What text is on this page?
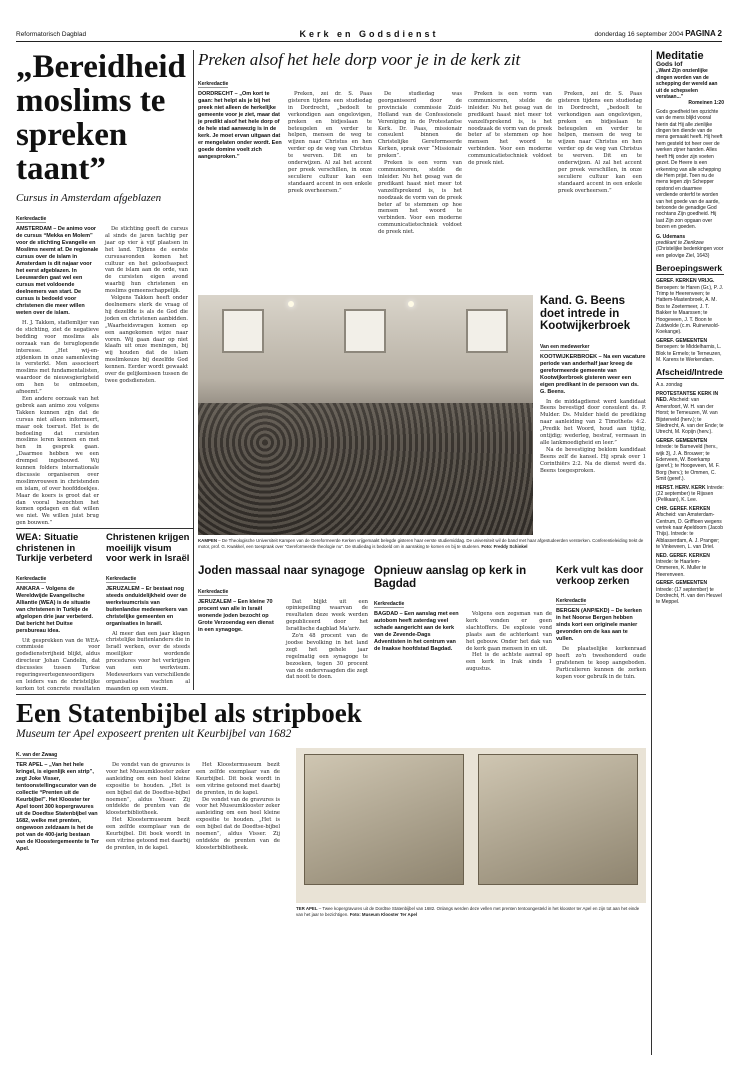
Reformatorisch Dagblad	Kerk en Godsdienst	donderdag 16 september 2004 PAGINA 2
„Bereidheid moslims te spreken taant”
Cursus in Amsterdam afgeblazen
Kerkredactie
AMSTERDAM – De animo voor de cursus “Mekka en Molem” voor de stichting Evangelie en Moslims neemt af. De regionale cursus over de islam in Amsterdam is dit najaar voor het eerst afgeblazen. In Leeuwarden gaat wel een cursus met voldoende deelnemers van start. De cursus is bedoeld voor christenen die meer willen weten over de islam.

H. J. Takken, staflemlijer van de stichting, ziet de negatieve bedding voor moslims als oorzaak van de teruglopende interesse. „Het wij-en-zijdenken in onze samenleving is versterkt. Men associeert moslims met fundamentalisten, waardoor de nieuwsgierigheid om hen te ontmoeten, afneemt.”

Een andere oorzaak van het gebrek aan animo zou volgens Takken kunnen zijn dat de cursus niet alleen informeert, maar ook toerust. Het is de bedoeling dat cursisten moslims leren kennen en met hen in gesprek gaan. „Daarmee hebben we een drempel ingebouwd. Wij kunnen folders internationale discussie organiseren over moslimvrouwen in christenden en islam, of over hoofddoekjes. Maar de koers is groot dat er dan vooral bezochten het komen opdagen en dat willen we niet. We willen juist brug gen bouwen.”

De stichting geeft de cursus al sinds de jaren tachtig per jaar op vier à vijf plaatsen in het land. Tijdens de eerste cursusavonden komen het cultuur en het geloofsaspect van de islam aan de orde, van de cursisten eigen avond waarbij hun christenen en moslims gemeenschappelijk.

Volgens Takken heeft onder deelnemers sterk de vraag of hij dezelfde is als de God die joden en christenen aanbidden. „Waarheidsvragen komen op een aangekomen wijze naar voren. Wij gaan daar op niet klaafn uit onze meningen, bij wij houden dat de islam moslimkeuze bij dezelfde God kennen. Eerder wordt gewaakt over de gelijkenissen tussen de twee godsdiensten.

Preken alsof het hele dorp voor je in de kerk zit
Kerkredactie
DORDRECHT – „Om kort te gaan: het helpt als je bij het preek niet alleen de herkelijke gemeente voor je ziet, maar dat je predikt alsof het hele dorp of de hele stad aanwezig is in de kerk. Je moet ervan uitgaan dat er mengelaten onder wordt. Een goede domine voelt zich aangesproken.”

Preken, zei dr. S. Paas gisteren tijdens een studiedag in Dordrecht, „bedoelt te verkondigen aan ongelovigen, preken en bidjeslaan te beteugelen en verder te helpen, mensen de weg te wijzen naar Christus en hen verder op de weg van Christus te werven. Dit en te onderwijzen. Al zal het accent per preek verschillen, in onze seculiere cultuur kan een standaard accent in een enkele preek overheersen.”

De studiedag was georganiseerd door de provinciale commissie Zuid-Holland van de Confessionele Vereniging in de Protestantse Kerk. Dr. Paas, missionair consulent binnen de Christelijke Gereformeerde Kerken, sprak over “Missionair preken”.

Preken is een vorm van communiceren, stelde de inleider. Nu het gesag van de predikant haast niet meer tot vanzelfsprekend is, is het noodzaak de vorm van de preek beter af te stemmen op hoe mensen het woord te verbinden. Voor een moderne communicatietechniek voldoet de preek niet.

Preken is een vorm van communiceren, stelde de inleider. Nu het gesag van de predikant haast niet meer tot vanzelfsprekend is, is het noodzaak de vorm van de preek beter af te stemmen op hoe mensen het woord te verbinden. Voor een moderne communicatietechniek voldoet de preek niet.

Preken, zei dr. S. Paas gisteren tijdens een studiedag in Dordrecht, „bedoelt te verkondigen aan ongelovigen, preken en bidjeslaan te beteugelen en verder te helpen, mensen de weg te wijzen naar Christus en hen verder op de weg van Christus te werven. Dit en te onderwijzen. Al zal het accent per preek verschillen, in onze seculiere cultuur kan een standaard accent in een enkele preek overheersen.”

KAMPEN – De Theologische Universiteit Kampen van de Gereformeerde Kerken vrijgemaakt belegde gisteren haar eerste studiemiddag. De universiteit wil de band met haar afgestudeerden versterken. Conferentieleiding trekt de motor, prof. G. Kwakkel, een toespraak over “Gereformeerde theologie nu”. De studiedag is bedoeld om in aanraking te komen en bij te studeren. Foto: Freddy Schinkel
Kand. G. Beens doet intrede in Kootwijkerbroek
Van een medewerker
KOOTWIJKERBROEK – Na een vacature periode van anderhalf jaar kreeg de gereformeerde gemeente van Kootwijkerbroek gisteren weer een eigen predikant in de persoon van ds. G. Beens.

In de middagdienst werd kandidaat Beens bevestigd door consulent ds. P. Mulder. Ds. Mulder hield de prediking naar aanleiding van 2 Timotheüs 4:2. „Predik het Woord, houd aan tijdig, ontijdig; wederleg, bestraf, vermaan in alle lankmoedigheid en leer.”

Na de bevestiging beklom kandidaat Beens zelf de kansel. Hij sprak over 1 Corinthiërs 2:2. Na de dienst werd ds. Beens toegesproken.

WEA: Situatie christenen in Turkije verbeterd
Kerkredactie
ANKARA – Volgens de Wereldwijde Evangelische Alliantie (WEA) is de situatie van christenen in Turkije de afgelopen drie jaar verbeterd. Dat bericht het Duitse persbureau idea.

Uit gesprekken van de WEA-commissie voor godsdienstvrijheid blijkt, aldus directeur Johan Candelin, dat discussies tussen Turkse regeringsvertegenwoordigers en leiders van de christelijke kerken tot concrete resultaten

Christenen krijgen moeilijk visum voor werk in Israël
Kerkredactie
JERUZALEM – Er bestaat nog steeds onduidelijkheid over de werkvisumcrisis van buitenlandse medewerkers van christelijke gemeenten en organisaties in Israël.

Al meer dan een jaar klagen christelijke buitenlanders die in Israël werken, over de steeds moeilijker wordende procedures voor het verkrijgen van een werkvisum. Medewerkers van verschillende organisaties wachten al maanden op een visum.

Joden massaal naar synagoge
Kerkredactie
JERUZALEM – Een kleine 70 procent van alle in Israël wonende joden bezocht op Grote Verzoendag een dienst in een synagoge.

Dat blijkt uit een opiniepeiling waarvan de resultaten deze week werden gepubliceerd door het Israëlische dagblad Ma'ariv.

Zo'n 48 procent van de joodse bevolking in het land zegt het gehele jaar regelmatig een synagoge te bezoeken, tegen 30 procent van de ondervraagden die zegt dat nooit te doen.

Opnieuw aanslag op kerk in Bagdad
Kerkredactie
BAGDAD – Een aanslag met een autobom heeft zaterdag veel schade aangericht aan de kerk van de Zevende-Dags Adventisten in het centrum van de Iraakse hoofdstad Bagdad.

Volgens een zegsman van de kerk vonden er geen slachtoffers. De explosie vond plaats aan de achterkant van het gebouw. Onder het dak van de kerk gaan mensen in en uit.

Het is de achtste aanval op een kerk in Irak sinds 1 augustus.

Kerk vult kas door verkoop zerken
Kerkredactie
BERGEN (ANP/EKD) – De kerken in het Noorse Bergen hebben sinds kort een originele manier gevonden om de kas aan te vullen.

De plaatselijke kerkenraad heeft zo'n tweehonderd oude grafstenen te koop aangeboden. Particulieren kunnen de zerken kopen voor gebruik in de tuin.

Een Statenbijbel als stripboek
Museum ter Apel exposeert prenten uit Keurbijbel van 1682
K. van der Zwaag
TER APEL – „Van het hele kringel, is eigenlijk een strip”, zegt Joke Visser, tentoonstellingscurator van de collectie “Prenten uit de Keurbijbel”. Het Klooster ter Apel toont 300 kopergravures uit de Doedtse Statenbijbel van 1682, welke met prenten, ongewoon zeldzaam is het de pot van de 400-jarig bestaan van de Kloostergemeente te Ter Apel.

De vondst van de gravures is voor het Museumklooster zeker aanleiding om een heel kleine expositie te houden. „Het is een bijbel dat de Doedtse-bijbel noemen”, aldus Visser. Zij ontdekte de prenten van de kloosterbibliotheek.

Het Kloostermuseum bezit een zelfde exemplaar van de Keurbijbel. Dit boek wordt in een vitrine getoond met daarbij de prenten, in de kapel.

Het Kloostermuseum bezit een zelfde exemplaar van de Keurbijbel. Dit boek wordt in een vitrine getoond met daarbij de prenten, in de kapel.

De vondst van de gravures is voor het Museumklooster zeker aanleiding om een heel kleine expositie te houden. „Het is een bijbel dat de Doedtse-bijbel noemen”, aldus Visser. Zij ontdekte de prenten van de kloosterbibliotheek.

TER APEL – Twee kopergravures uit de Dordtse Statenbijbel van 1682. Onlangs werden deze vellen met prenten tentoongesteld in het klooster ter Apel en zijn tot aan het einde van het jaar te bezichtigen. Foto: Museum Klooster Ter Apel
Meditatie
Gods lof
„Want Zijn onzienlijke dingen worden van de schepping der wereld aan uit de schepselen verstaan...”
Romeinen 1:20
Gods goedheid ten opzichte van de mens blijkt vooral hierin dat Hij alle zienlijke dingen ten diende van de mens gemaakt heeft. Hij heeft hem gesteld tot heer over de werken zijner handen. Alles heeft Hij onder zijn voeten gezet. De Heere is een erkenning van alle schepping die Hem prijst. Toen nu de mens tegen zijn Schepper opstond en daarmee verdiende onterfd te worden van het goede van de aarde, betoonde de genadige God nochtans Zijn goedheid. Hij laat Zijn zon opgaan over bozen en goeden.
G. Udemans
predikant te Zierikzee
(Christelijke bedenkingen voor een gelovige Ziel, 1643)
Beroepingswerk
GEREF. KERKEN VRIJG. Beroepen: te Haren (Gr.), P. J. Trimp te Heerenveen; te Hattem-Mastenbroek, A. M. Bos te Zoetermeer, J. T. Bakker te Maarssen; te Hoogeveen, J. T. Boon te Zuidwolde (c.m. Ruinerwold-Koekange).
GEREF. GEMEENTEN Beroepen: te Middelharnis, L. Blok te Ermelo; te Terneuzen, M. Karens te Werkendam.
Afscheid/Intrede
A.s. zondag
PROTESTANTSE KERK IN NED. Afscheid: van Amersfoort, W. H. van der Horst; te Terneuzen, W. van Bijsterveld (herv.); te Sliedrecht, A. van der Ende; te Utrecht, M. Kopijn (herv.).
GEREF. GEMEENTEN Intrede: te Barneveld (herv., wijk 3), J. A. Brouwer; te Ederveen, W. Boerkamp (geref.); te Hoogeveen, M. F. Borg (herv.); te Ommen, C. Smit (geref.).
HERST. HERV. KERK Intrede: (22 september) te Rijssen (Pelikaan), K. Lee.
CHR. GEREF. KERKEN Afscheid: van Amsterdam-Centrum, D. Griffioen wegens vertrek naar Apeldoorn (Jacob Thijs). Intrede: te Alblasserdam, A. J. Pranger; te Vinkeveen, L. van Driel.
NED. GEREF. KERKEN Intrede: te Haarlem-Ommeren, K. Muller te Heerenveen.
GEREF. GEMEENTEN Intrede: (17 september) te Dordrecht, H. van den Heuvel te Meppel.
